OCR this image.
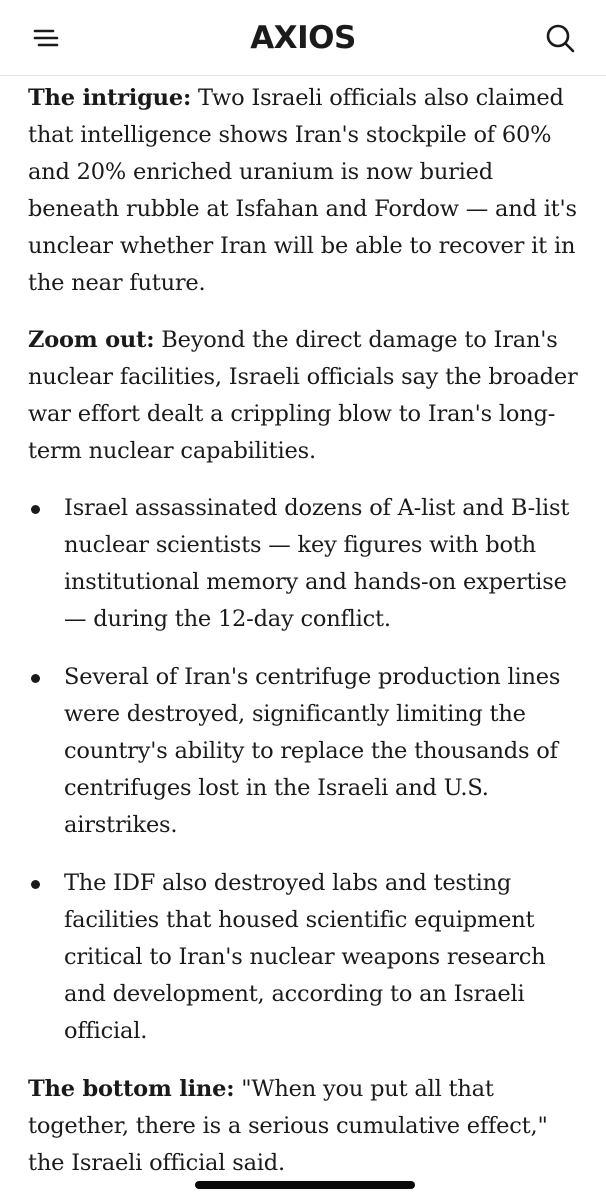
AXIOS

The intrigue: Two Israeli officials also claimed that intelligence shows Iran's stockpile of 60% and 20% enriched uranium is now buried beneath rubble at Isfahan and Fordow — and it's unclear whether Iran will be able to recover it in the near future.

Zoom out: Beyond the direct damage to Iran's nuclear facilities, Israeli officials say the broader war effort dealt a crippling blow to Iran's long-term nuclear capabilities.

Israel assassinated dozens of A-list and B-list nuclear scientists — key figures with both institutional memory and hands-on expertise — during the 12-day conflict.
Several of Iran's centrifuge production lines were destroyed, significantly limiting the country's ability to replace the thousands of centrifuges lost in the Israeli and U.S. airstrikes.
The IDF also destroyed labs and testing facilities that housed scientific equipment critical to Iran's nuclear weapons research and development, according to an Israeli official.

The bottom line: "When you put all that together, there is a serious cumulative effect," the Israeli official said.
